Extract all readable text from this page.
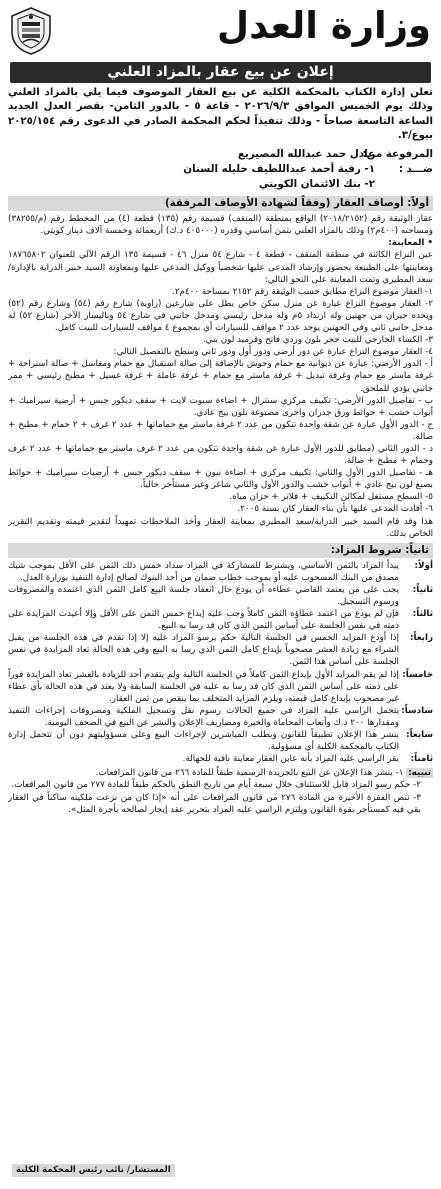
وزارة العدل
إعلان عن بيع عقار بالمزاد العلني

تعلن إدارة الكتاب بالمحكمة الكلية عن بيع العقار الموصوف فيما يلي بالمزاد العلني وذلك يوم الخميس الموافق ٢٠٢٦/٩/٣ - قاعة ٥ - بالدور الثامن- بقصر العدل الجديد الساعة التاسعة صباحاً - وذلك تنفيذاً لحكم المحكمة الصادر في الدعوى رقم ٢٠٢٥/١٥٤ بيوع/٣.

المرفوعة من:
عادل حمد عبدالله المصيريع
ضـــد :
١- رقية أحمد عبداللطيف حليله السنان
٢- بنك الائتمان الكويتي
أولاً: أوصاف العقار (وفقاً لشهادة الأوصاف المرفقة)

عقار الوثيقة رقم (٢٠١٨/٢١٥٢) الواقع بمنطقة (المنقف) قسيمة رقم (١٣٥) قطعة (٤) من المخطط رقم (م/٣٨٢٥٥) ومساحته (٤٠٠م٢) وذلك بالمزاد العلني بثمن أساسي وقدره (٤٠٥٠٠٠ د.ك) أربعمائة وخمسة آلاف دينار كويتي.

• المعاينة:

عين النزاع الكائنة في منطقة المنقف - قطعة ٤ - شارع ٥٤ منزل ٤٦ - قسيمة ١٣٥ الرقم الآلي للعنوان ١٨٧٦٥٨٠٢ ومعاينتها على الطبيعة بحضور وإرشاد المدعى عليها شخصياً ووكيل المدعي عليها وبمعاونة السيد خبير الدراية بالإدارة/ سعد المطيري وتمت المعاينة على النحو التالي:

١- العقار موضوع النزاع مطابق حسب الوثيقة رقم ٢١٥٢ بمساحة ٤٠٠م٢.

٢- العقار موضوع النزاع عبارة عن منزل سكن خاص يطل على شارعين (زاوية) شارع رقم (٥٤) وشارع رقم (٥٢) ويحده جيران من جهتين وله ارتداد ٥م وله مدخل رئيسي ومدخل جانبي في شارع ٥٤ وباليسار الآخر (شارع ٥٢) له مدخل جانبي ثاني وفي الجهتين يوجد عدد ٢ مواقف للسيارات أي بمجموع ٤ مواقف للسيارات للبيت كامل.

٣- الكساء الخارجي للبيت حجر بلون وردي فاتح وقرميد لون بني.

٤- العقار موضوع النزاع عبارة عن دور أرضي ودور أول ودور ثاني وسطح بالتفصيل التالي:

أ - الدور الأرضي: عبارة عن ديوانية مع حمام وحوش بالإضافة إلى صالة استقبال مع حمام ومغاسل + صالة استراحة + غرفة ماستر مع حمام وغرفة تبديل + غرفة ماستر مع حمام + غرفة عاملة + غرفة غسيل + مطبخ رئيسي + ممر جانبي يؤدي للملحق.

ب - تفاصيل الدور الأرضي: تكييف مركزي سنترال + اضاءة سبوت لايت + سقف ديكور جبس + أرضية سيراميك + أبواب خشب + حوائط ورق جدران واخرى مصبوغة بلون بيج عادي.

ج - الدور الأول عبارة عن شقة واحدة تتكون من عدد ٢ غرفة ماستر مع حماماتها + عدد ٢ غرف + ٢ حمام + مطبخ + صالة.

د - الدور الثاني (مطابق للدور الأول عبارة عن شقة واحدة تتكون من عدد ٢ غرف ماستر مع حماماتها + عدد ٢ غرف وحمام + مطبخ + صالة.

هـ - تفاصيل الدور الأول والثاني: تكييف مركزي + اضاءة نيون + سقف ديكور جبس + أرضيات سيراميك + حوائط بصبغ لون بيج عادي + أبواب خشب والدور الأول والثاني شاغر وغير مستأجر حالياً.

٥- السطح مستغل لمكائن التكييف + فلاتر + خزان مياه.

٦- أفادت المدعى عليها بأن بناء العقار كان بسنة ٢٠٠٥.

هذا وقد قام السيد خبير الدراية/سعد المطيري بمعاينة العقار وأخذ الملاحظات تمهيداً لتقدير قيمته وتقديم التقرير الخاص بذلك.

ثانياً: شروط المزاد:
أولاً:
يبدأ المزاد بالثمن الأساسي، ويشترط للمشاركة في المزاد سداد خمس ذلك الثمن على الأقل بموجب شيك مصدق من البنك المسحوب عليه أو بموجب خطاب ضمان من أحد البنوك لصالح إدارة التنفيذ بوزارة العدل.
ثانياً:
يجب على من يعتمد القاضي عطاءه أن يودع حال انعقاد جلسة البيع كامل الثمن الذي اعتمده والمصروفات ورسوم التسجيل.
ثالثاً:
فإن لم يودع من اعتمد عطاؤه الثمن كاملاً وجب عليه إيداع خمس الثمن على الأقل وإلا أعيدت المزايدة على ذمته في نفس الجلسة على أساس الثمن الذي كان قد رسا به البيع.
رابعاً:
إذا أودع المزايد الخمس في الجلسة التالية حكم برسو المزاد عليه إلا إذا تقدم في هذه الجلسة من يقبل الشراء مع زيادة العشر مصحوباً بإيداع كامل الثمن الذي رسا به البيع وفي هذه الحالة تعاد المزايدة في نفس الجلسة على أساس هذا الثمن.
خامساً:
إذا لم يقم المزايد الأول بإيداع الثمن كاملاً في الجلسة التالية ولم يتقدم أحد للزيادة بالعشر تعاد المزايدة فوراً على ذمته على أساس الثمن الذي كان قد رسا به عليه في الجلسة السابقة ولا يعتد في هذه الحالة بأي عطاء غير مصحوب بإيداع كامل قيمته، ويلزم المزايد المتخلف بما ينقص من ثمن العقار.
سادساً:
يتحمل الراسي عليه المزاد في جميع الحالات رسوم نقل وتسجيل الملكية ومصروفات إجراءات التنفيذ ومقدارها ٢٠٠ د.ك وأتعاب المحاماة والخبرة ومصاريف الإعلان والنشر عن البيع في الصحف اليومية.
سابعاً:
ينشر هذا الإعلان تطبيقاً للقانون وبطلب المباشرين لإجراءات البيع وعلى مسؤوليتهم دون أن تتحمل إدارة الكتاب بالمحكمة الكلية أي مسؤولية.
ثامناً:
يقر الراسي عليه المزاد بأنه عاين العقار معاينة نافية للجهالة.

تنبيه: ١- ينشر هذا الإعلان عن البيع بالجريدة الرسمية طبقاً للمادة ٢٦٦ من قانون المرافعات.

٢- حكم رسو المزاد قابل للاستئناف خلال سبعة أيام من تاريخ النطق بالحكم طبقاً للمادة ٢٧٧ من قانون المرافعات.

٣- تنص الفقرة الأخيرة من المادة ٢٧٦ من قانون المرافعات على أنه «إذا كان من نزعت ملكيته ساكناً في العقار بقي فيه كمستأجر بقوة القانون ويلتزم الراسي عليه المزاد بتحرير عقد إيجار لصالحه بأجرة المثل».

المستشار/ نائب رئيس المحكمة الكلية
